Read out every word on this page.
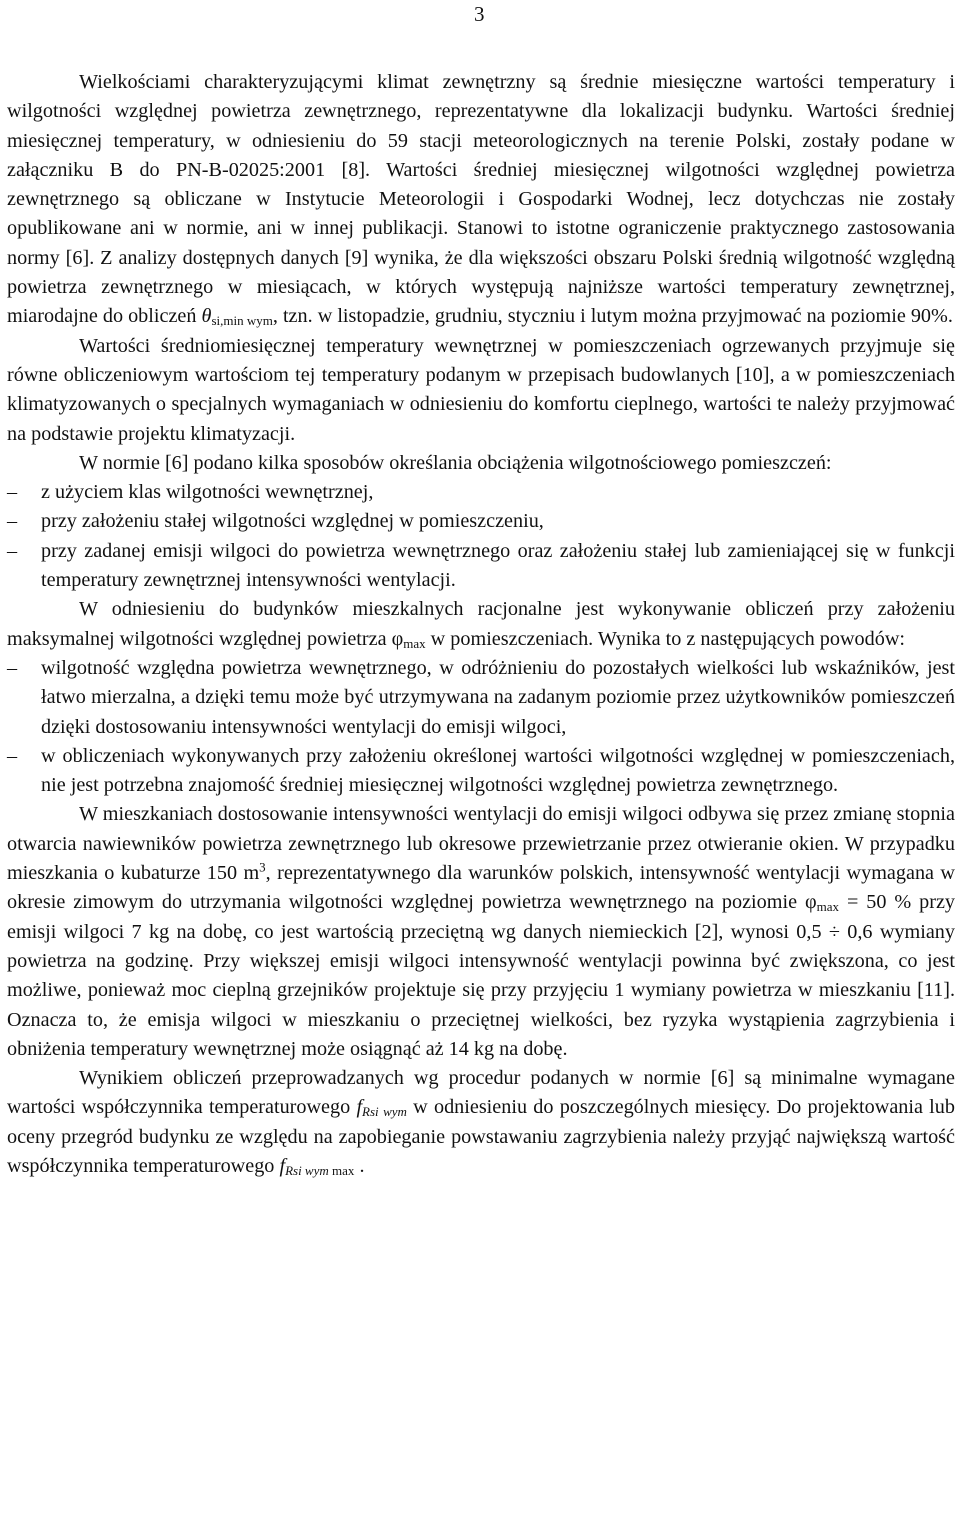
3

Wielkościami charakteryzującymi klimat zewnętrzny są średnie miesięczne wartości temperatury i wilgotności względnej powietrza zewnętrznego, reprezentatywne dla lokalizacji budynku. Wartości średniej miesięcznej temperatury, w odniesieniu do 59 stacji meteorologicznych na terenie Polski, zostały podane w załączniku B do PN-B-02025:2001 [8]. Wartości średniej miesięcznej wilgotności względnej powietrza zewnętrznego są obliczane w Instytucie Meteorologii i Gospodarki Wodnej, lecz dotychczas nie zostały opublikowane ani w normie, ani w innej publikacji. Stanowi to istotne ograniczenie praktycznego zastosowania normy [6]. Z analizy dostępnych danych [9] wynika, że dla większości obszaru Polski średnią wilgotność względną powietrza zewnętrznego w miesiącach, w których występują najniższe wartości temperatury zewnętrznej, miarodajne do obliczeń $\theta_{si,min wym}$, tzn. w listopadzie, grudniu, styczniu i lutym można przyjmować na poziomie 90%.

Wartości średniomiesięcznej temperatury wewnętrznej w pomieszczeniach ogrzewanych przyjmuje się równe obliczeniowym wartościom tej temperatury podanym w przepisach budowlanych [10], a w pomieszczeniach klimatyzowanych o specjalnych wymaganiach w odniesieniu do komfortu cieplnego, wartości te należy przyjmować na podstawie projektu klimatyzacji.

W normie [6] podano kilka sposobów określania obciążenia wilgotnościowego pomieszczeń:

– z użyciem klas wilgotności wewnętrznej,
– przy założeniu stałej wilgotności względnej w pomieszczeniu,
– przy zadanej emisji wilgoci do powietrza wewnętrznego oraz założeniu stałej lub zamieniającej się w funkcji temperatury zewnętrznej intensywności wentylacji.

W odniesieniu do budynków mieszkalnych racjonalne jest wykonywanie obliczeń przy założeniu maksymalnej wilgotności względnej powietrza $\varphi_{max}$ w pomieszczeniach. Wynika to z następujących powodów:

– wilgotność względna powietrza wewnętrznego, w odróżnieniu do pozostałych wielkości lub wskaźników, jest łatwo mierzalna, a dzięki temu może być utrzymywana na zadanym poziomie przez użytkowników pomieszczeń dzięki dostosowaniu intensywności wentylacji do emisji wilgoci,
– w obliczeniach wykonywanych przy założeniu określonej wartości wilgotności względnej w pomieszczeniach, nie jest potrzebna znajomość średniej miesięcznej wilgotności względnej powietrza zewnętrznego.

W mieszkaniach dostosowanie intensywności wentylacji do emisji wilgoci odbywa się przez zmianę stopnia otwarcia nawiewników powietrza zewnętrznego lub okresowe przewietrzanie przez otwieranie okien. W przypadku mieszkania o kubaturze 150 $m^3$, reprezentatywnego dla warunków polskich, intensywność wentylacji wymagana w okresie zimowym do utrzymania wilgotności względnej powietrza wewnętrznego na poziomie $\varphi_{max} = 50$ % przy emisji wilgoci 7 kg na dobę, co jest wartością przeciętną wg danych niemieckich [2], wynosi 0,5 ÷ 0,6 wymiany powietrza na godzinę. Przy większej emisji wilgoci intensywność wentylacji powinna być zwiększona, co jest możliwe, ponieważ moc cieplną grzejników projektuje się przy przyjęciu 1 wymiany powietrza w mieszkaniu [11]. Oznacza to, że emisja wilgoci w mieszkaniu o przeciętnej wielkości, bez ryzyka wystąpienia zagrzybienia i obniżenia temperatury wewnętrznej może osiągnąć aż 14 kg na dobę.

Wynikiem obliczeń przeprowadzanych wg procedur podanych w normie [6] są minimalne wymagane wartości współczynnika temperaturowego $f_{Rsi wym}$ w odniesieniu do poszczególnych miesięcy. Do projektowania lub oceny przegród budynku ze względu na zapobieganie powstawaniu zagrzybienia należy przyjąć największą wartość współczynnika temperaturowego $f_{Rsi wym max}$ .
